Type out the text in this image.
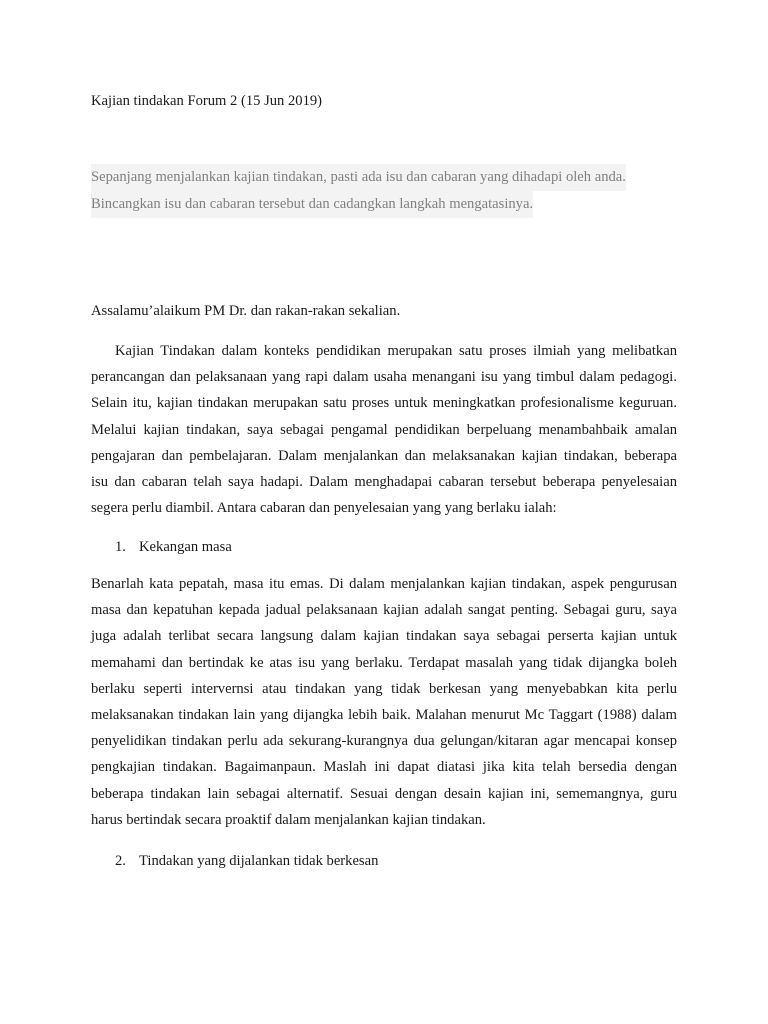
Kajian tindakan Forum 2 (15 Jun 2019)
Sepanjang menjalankan kajian tindakan, pasti ada isu dan cabaran yang dihadapi oleh anda.
Bincangkan isu dan cabaran tersebut dan cadangkan langkah mengatasinya.

Assalamu’alaikum PM Dr. dan rakan-rakan sekalian.

Kajian Tindakan dalam konteks pendidikan merupakan satu proses ilmiah yang melibatkan
perancangan dan pelaksanaan yang rapi dalam usaha menangani isu yang timbul dalam pedagogi.
Selain itu, kajian tindakan merupakan satu proses untuk meningkatkan profesionalisme keguruan.
Melalui kajian tindakan, saya sebagai pengamal pendidikan berpeluang menambahbaik amalan
pengajaran dan pembelajaran. Dalam menjalankan dan melaksanakan kajian tindakan, beberapa
isu dan cabaran telah saya hadapi. Dalam menghadapai cabaran tersebut beberapa penyelesaian
segera perlu diambil. Antara cabaran dan penyelesaian yang yang berlaku ialah:

1. Kekangan masa

Benarlah kata pepatah, masa itu emas. Di dalam menjalankan kajian tindakan, aspek pengurusan
masa dan kepatuhan kepada jadual pelaksanaan kajian adalah sangat penting. Sebagai guru, saya
juga adalah terlibat secara langsung dalam kajian tindakan saya sebagai perserta kajian untuk
memahami dan bertindak ke atas isu yang berlaku. Terdapat masalah yang tidak dijangka boleh
berlaku seperti intervernsi atau tindakan yang tidak berkesan yang menyebabkan kita perlu
melaksanakan tindakan lain yang dijangka lebih baik. Malahan menurut Mc Taggart (1988) dalam
penyelidikan tindakan perlu ada sekurang-kurangnya dua gelungan/kitaran agar mencapai konsep
pengkajian tindakan. Bagaimanpaun. Maslah ini dapat diatasi jika kita telah bersedia dengan
beberapa tindakan lain sebagai alternatif. Sesuai dengan desain kajian ini, sememangnya, guru
harus bertindak secara proaktif dalam menjalankan kajian tindakan.

2. Tindakan yang dijalankan tidak berkesan
